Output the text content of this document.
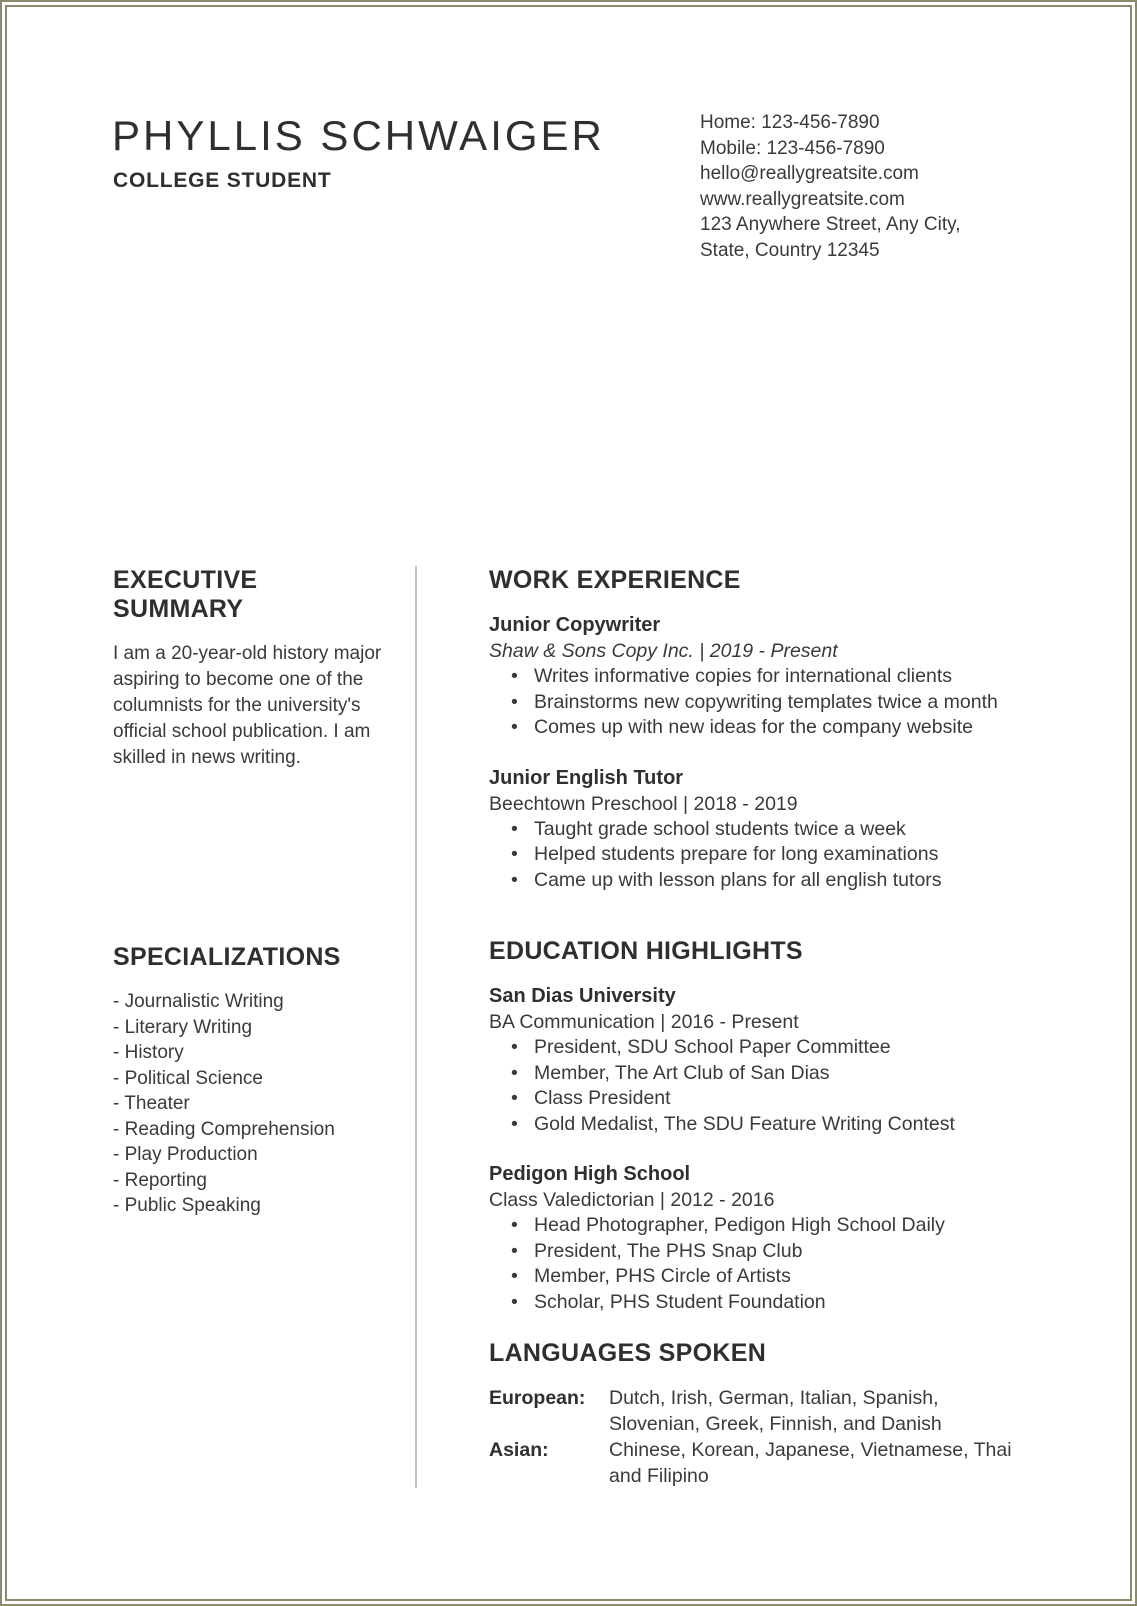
PHYLLIS SCHWAIGER
COLLEGE STUDENT
Home: 123-456-7890
Mobile: 123-456-7890
hello@reallygreatsite.com
www.reallygreatsite.com
123 Anywhere Street, Any City,
State, Country 12345
EXECUTIVE SUMMARY

I am a 20-year-old history major aspiring to become one of the columnists for the university's official school publication. I am skilled in news writing.

SPECIALIZATIONS
- Journalistic Writing
- Literary Writing
- History
- Political Science
- Theater
- Reading Comprehension
- Play Production
- Reporting
- Public Speaking
WORK EXPERIENCE

Junior Copywriter

Shaw & Sons Copy Inc. | 2019 - Present

• Writes informative copies for international clients
• Brainstorms new copywriting templates twice a month
• Comes up with new ideas for the company website

Junior English Tutor

Beechtown Preschool | 2018 - 2019

• Taught grade school students twice a week
• Helped students prepare for long examinations
• Came up with lesson plans for all english tutors
EDUCATION HIGHLIGHTS

San Dias University

BA Communication | 2016 - Present

• President, SDU School Paper Committee
• Member, The Art Club of San Dias
• Class President
• Gold Medalist, The SDU Feature Writing Contest

Pedigon High School

Class Valedictorian | 2012 - 2016

• Head Photographer, Pedigon High School Daily
• President, The PHS Snap Club
• Member, PHS Circle of Artists
• Scholar, PHS Student Foundation
LANGUAGES SPOKEN
European:	Dutch, Irish, German, Italian, Spanish, Slovenian, Greek, Finnish, and Danish
Asian:	Chinese, Korean, Japanese, Vietnamese, Thai and Filipino
